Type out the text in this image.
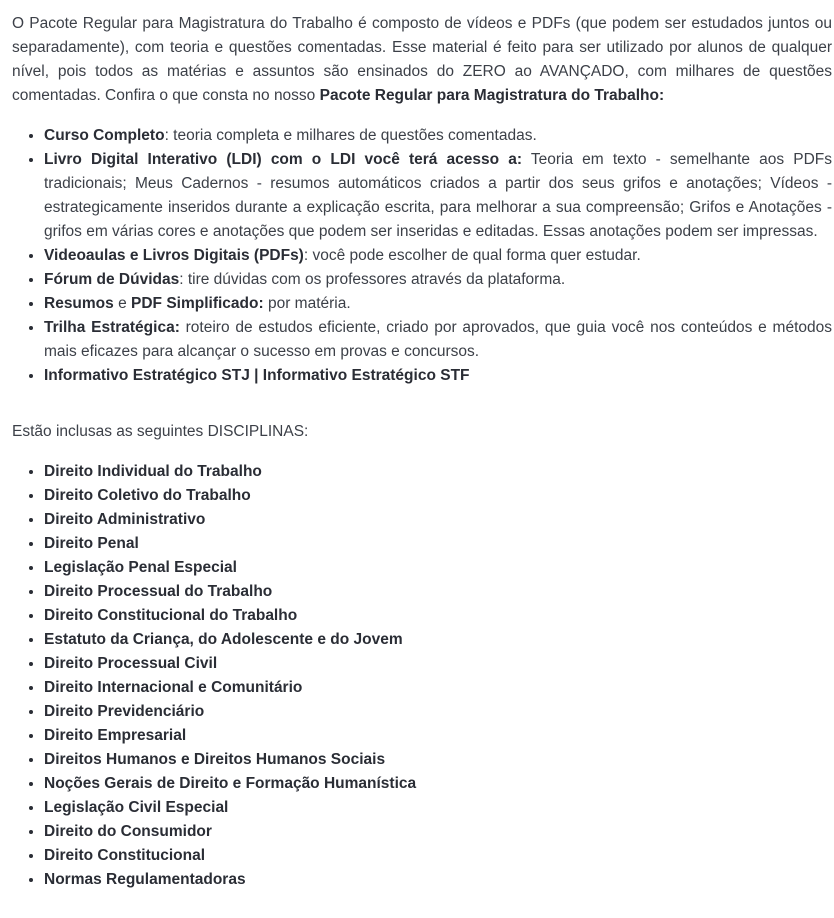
O Pacote Regular para Magistratura do Trabalho é composto de vídeos e PDFs (que podem ser estudados juntos ou separadamente), com teoria e questões comentadas. Esse material é feito para ser utilizado por alunos de qualquer nível, pois todos as matérias e assuntos são ensinados do ZERO ao AVANÇADO, com milhares de questões comentadas. Confira o que consta no nosso Pacote Regular para Magistratura do Trabalho:

• Curso Completo: teoria completa e milhares de questões comentadas.
• Livro Digital Interativo (LDI) com o LDI você terá acesso a: Teoria em texto - semelhante aos PDFs tradicionais; Meus Cadernos - resumos automáticos criados a partir dos seus grifos e anotações; Vídeos - estrategicamente inseridos durante a explicação escrita, para melhorar a sua compreensão; Grifos e Anotações - grifos em várias cores e anotações que podem ser inseridas e editadas. Essas anotações podem ser impressas.
• Videoaulas e Livros Digitais (PDFs): você pode escolher de qual forma quer estudar.
• Fórum de Dúvidas: tire dúvidas com os professores através da plataforma.
• Resumos e PDF Simplificado: por matéria.
• Trilha Estratégica: roteiro de estudos eficiente, criado por aprovados, que guia você nos conteúdos e métodos mais eficazes para alcançar o sucesso em provas e concursos.
• Informativo Estratégico STJ | Informativo Estratégico STF

Estão inclusas as seguintes DISCIPLINAS:

• Direito Individual do Trabalho
• Direito Coletivo do Trabalho
• Direito Administrativo
• Direito Penal
• Legislação Penal Especial
• Direito Processual do Trabalho
• Direito Constitucional do Trabalho
• Estatuto da Criança, do Adolescente e do Jovem
• Direito Processual Civil
• Direito Internacional e Comunitário
• Direito Previdenciário
• Direito Empresarial
• Direitos Humanos e Direitos Humanos Sociais
• Noções Gerais de Direito e Formação Humanística
• Legislação Civil Especial
• Direito do Consumidor
• Direito Constitucional
• Normas Regulamentadoras
